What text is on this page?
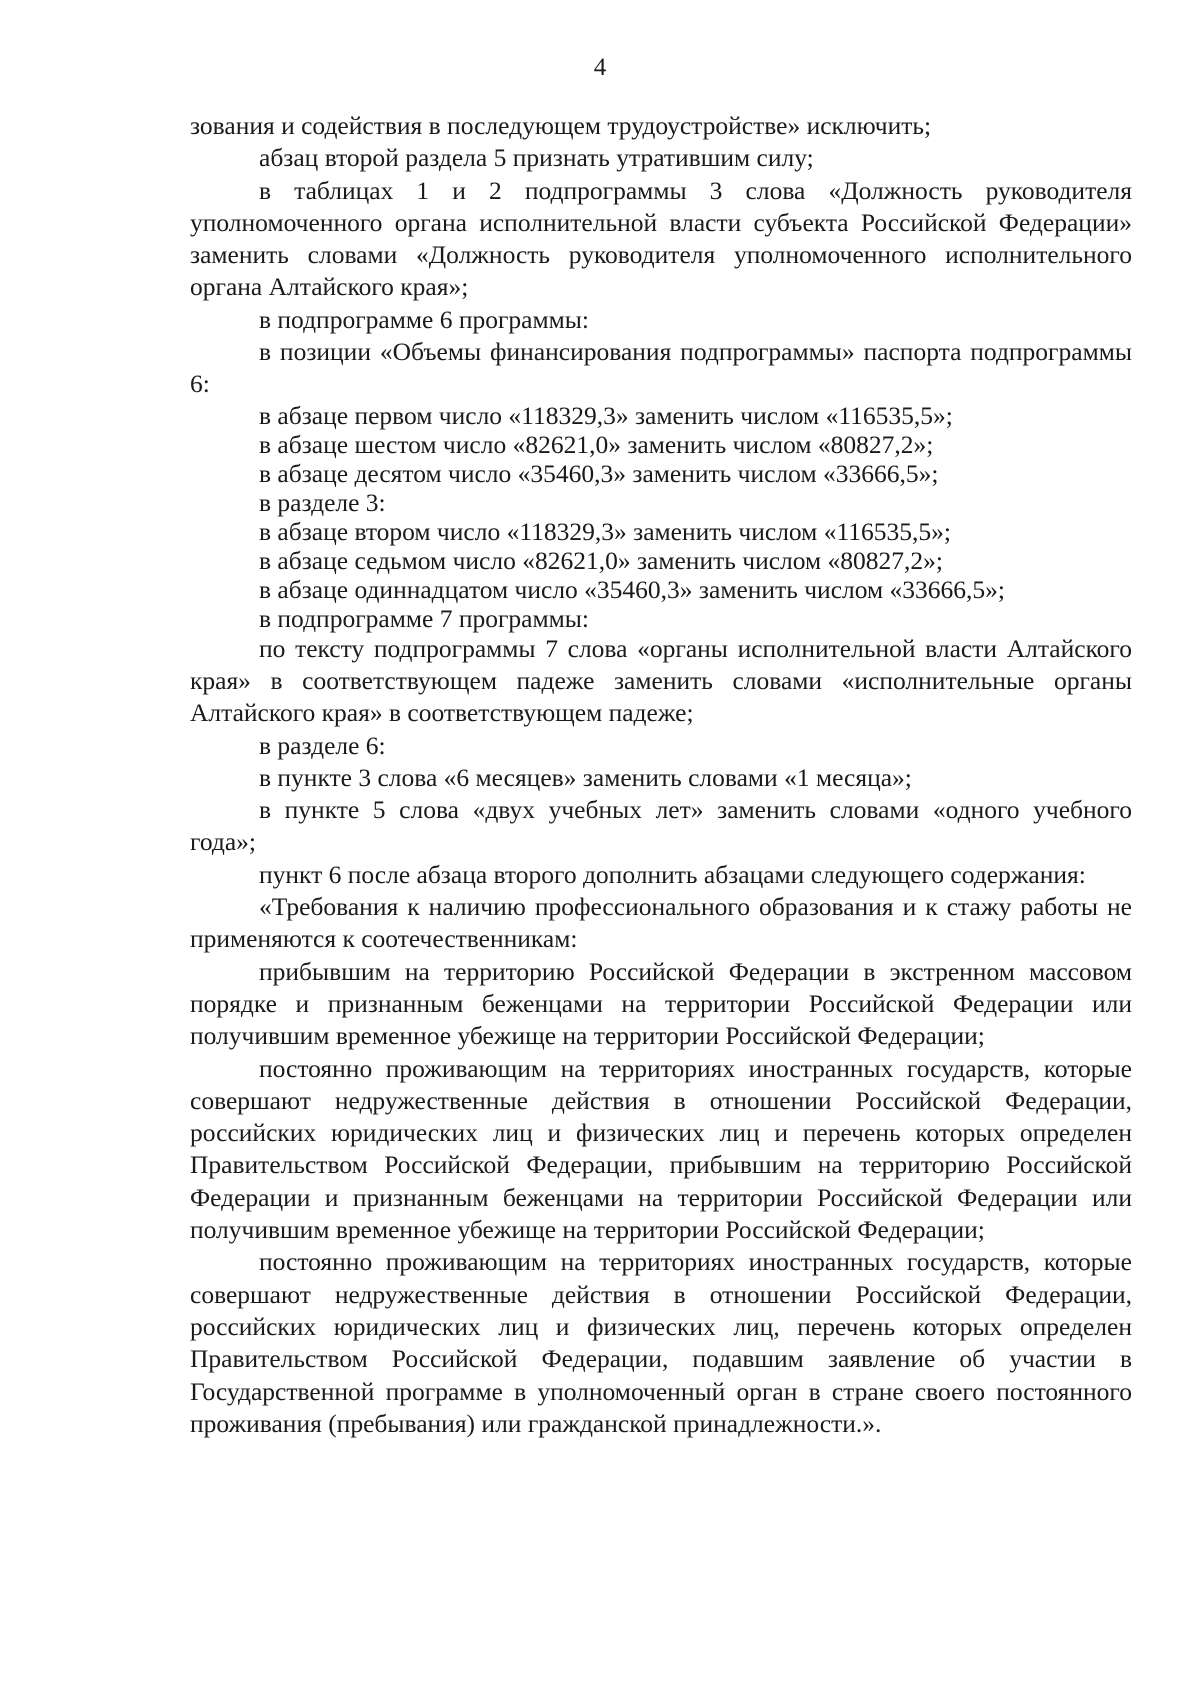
4

зования и содействия в последующем трудоустройстве» исключить;

абзац второй раздела 5 признать утратившим силу;

в таблицах 1 и 2 подпрограммы 3 слова «Должность руководителя уполномоченного органа исполнительной власти субъекта Российской Федерации» заменить словами «Должность руководителя уполномоченного исполнительного органа Алтайского края»;

в подпрограмме 6 программы:

в позиции «Объемы финансирования подпрограммы» паспорта подпрограммы 6:

в абзаце первом число «118329,3» заменить числом «116535,5»;

в абзаце шестом число «82621,0» заменить числом «80827,2»;

в абзаце десятом число «35460,3» заменить числом «33666,5»;

в разделе 3:

в абзаце втором число «118329,3» заменить числом «116535,5»;

в абзаце седьмом число «82621,0» заменить числом «80827,2»;

в абзаце одиннадцатом число «35460,3» заменить числом «33666,5»;

в подпрограмме 7 программы:

по тексту подпрограммы 7 слова «органы исполнительной власти Алтайского края» в соответствующем падеже заменить словами «исполнительные органы Алтайского края» в соответствующем падеже;

в разделе 6:

в пункте 3 слова «6 месяцев» заменить словами «1 месяца»;

в пункте 5 слова «двух учебных лет» заменить словами «одного учебного года»;

пункт 6 после абзаца второго дополнить абзацами следующего содержания:

«Требования к наличию профессионального образования и к стажу работы не применяются к соотечественникам:

прибывшим на территорию Российской Федерации в экстренном массовом порядке и признанным беженцами на территории Российской Федерации или получившим временное убежище на территории Российской Федерации;

постоянно проживающим на территориях иностранных государств, которые совершают недружественные действия в отношении Российской Федерации, российских юридических лиц и физических лиц и перечень которых определен Правительством Российской Федерации, прибывшим на территорию Российской Федерации и признанным беженцами на территории Российской Федерации или получившим временное убежище на территории Российской Федерации;

постоянно проживающим на территориях иностранных государств, которые совершают недружественные действия в отношении Российской Федерации, российских юридических лиц и физических лиц, перечень которых определен Правительством Российской Федерации, подавшим заявление об участии в Государственной программе в уполномоченный орган в стране своего постоянного проживания (пребывания) или гражданской принадлежности.».
